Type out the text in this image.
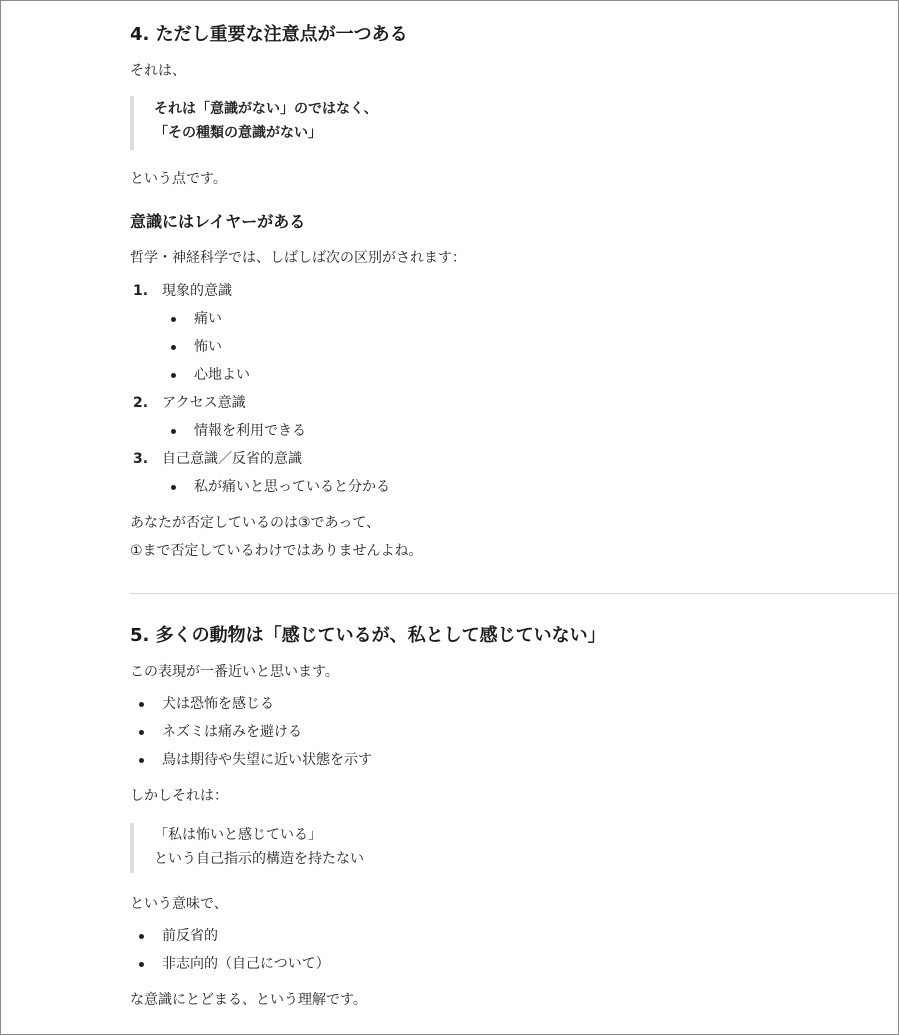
4. ただし重要な注意点が一つある

それは、

それは「意識がない」のではなく、
「その種類の意識がない」

という点です。

意識にはレイヤーがある

哲学・神経科学では、しばしば次の区別がされます：

1. 現象的意識
痛い
怖い
心地よい
2. アクセス意識
情報を利用できる
3. 自己意識／反省的意識
私が痛いと思っていると分かる

あなたが否定しているのは③であって、

①まで否定しているわけではありませんよね。

5. 多くの動物は「感じているが、私として感じていない」

この表現が一番近いと思います。

犬は恐怖を感じる
ネズミは痛みを避ける
鳥は期待や失望に近い状態を示す

しかしそれは：

「私は怖いと感じている」
という自己指示的構造を持たない

という意味で、

前反省的
非志向的（自己について）

な意識にとどまる、という理解です。
